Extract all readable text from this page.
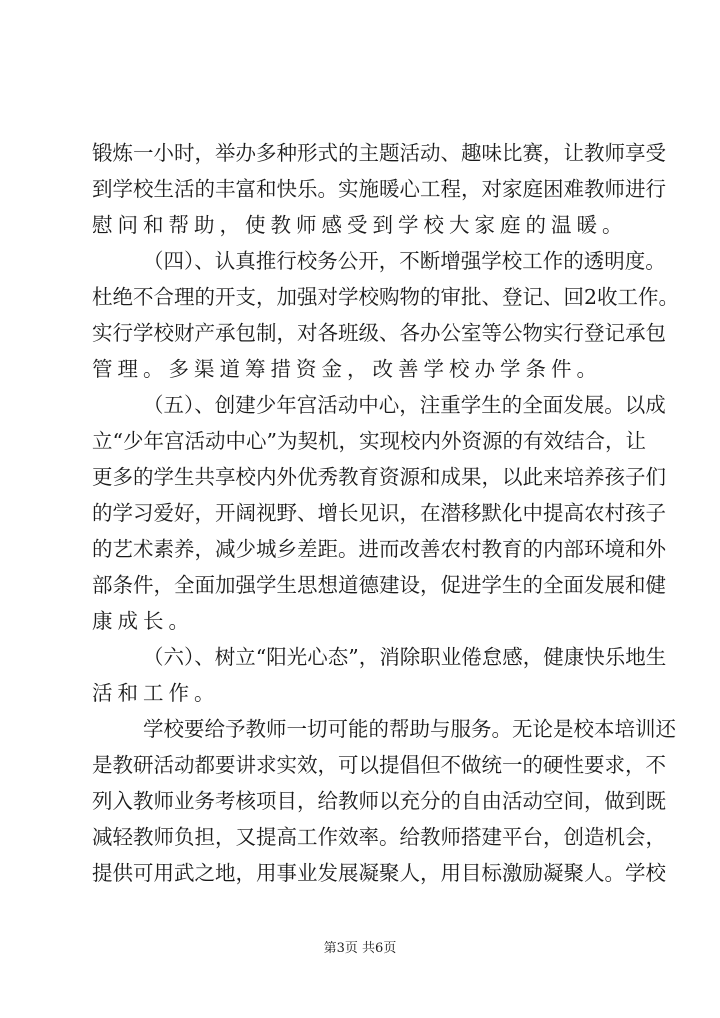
锻炼一小时，举办多种形式的主题活动、趣味比赛，让教师享受
到学校生活的丰富和快乐。实施暖心工程，对家庭困难教师进行
慰问和帮助，使教师感受到学校大家庭的温暖。
（四）、认真推行校务公开，不断增强学校工作的透明度。
杜绝不合理的开支，加强对学校购物的审批、登记、回2收工作。
实行学校财产承包制，对各班级、各办公室等公物实行登记承包
管理。多渠道筹措资金，改善学校办学条件。
（五）、创建少年宫活动中心，注重学生的全面发展。以成
立“少年宫活动中心”为契机，实现校内外资源的有效结合，让
更多的学生共享校内外优秀教育资源和成果，以此来培养孩子们
的学习爱好，开阔视野、增长见识，在潜移默化中提高农村孩子
的艺术素养，减少城乡差距。进而改善农村教育的内部环境和外
部条件，全面加强学生思想道德建设，促进学生的全面发展和健
康成长。
（六）、树立“阳光心态”，消除职业倦怠感，健康快乐地生
活和工作。
学校要给予教师一切可能的帮助与服务。无论是校本培训还
是教研活动都要讲求实效，可以提倡但不做统一的硬性要求，不
列入教师业务考核项目，给教师以充分的自由活动空间，做到既
减轻教师负担，又提高工作效率。给教师搭建平台，创造机会，
提供可用武之地，用事业发展凝聚人，用目标激励凝聚人。学校
第3页 共6页
